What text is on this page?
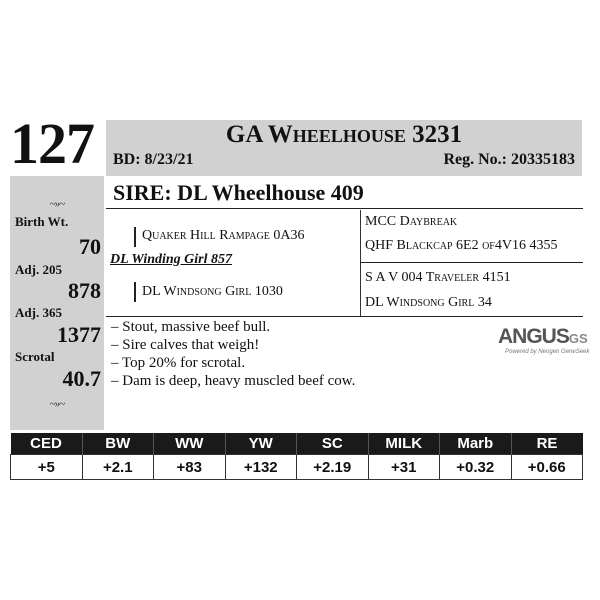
127	GA Wheelhouse 3231
BD: 8/23/21	Reg. No.: 20335183
~»~
Birth Wt.
70
Adj. 205
878
Adj. 365
1377
Scrotal
40.7
~»~
SIRE: DL Wheelhouse 409
Quaker Hill Rampage 0A36
DL Winding Girl 857
DL Windsong Girl 1030
MCC Daybreak
QHF Blackcap 6E2 of4V16 4355
S A V 004 Traveler 4151
DL Windsong Girl 34
– Stout, massive beef bull.
– Sire calves that weigh!
– Top 20% for scrotal.
– Dam is deep, heavy muscled beef cow.
ANGUSGS
Powered by Neogen GeneSeek
CED	BW	WW	YW	SC	MILK	Marb	RE
+5	+2.1	+83	+132	+2.19	+31	+0.32	+0.66
